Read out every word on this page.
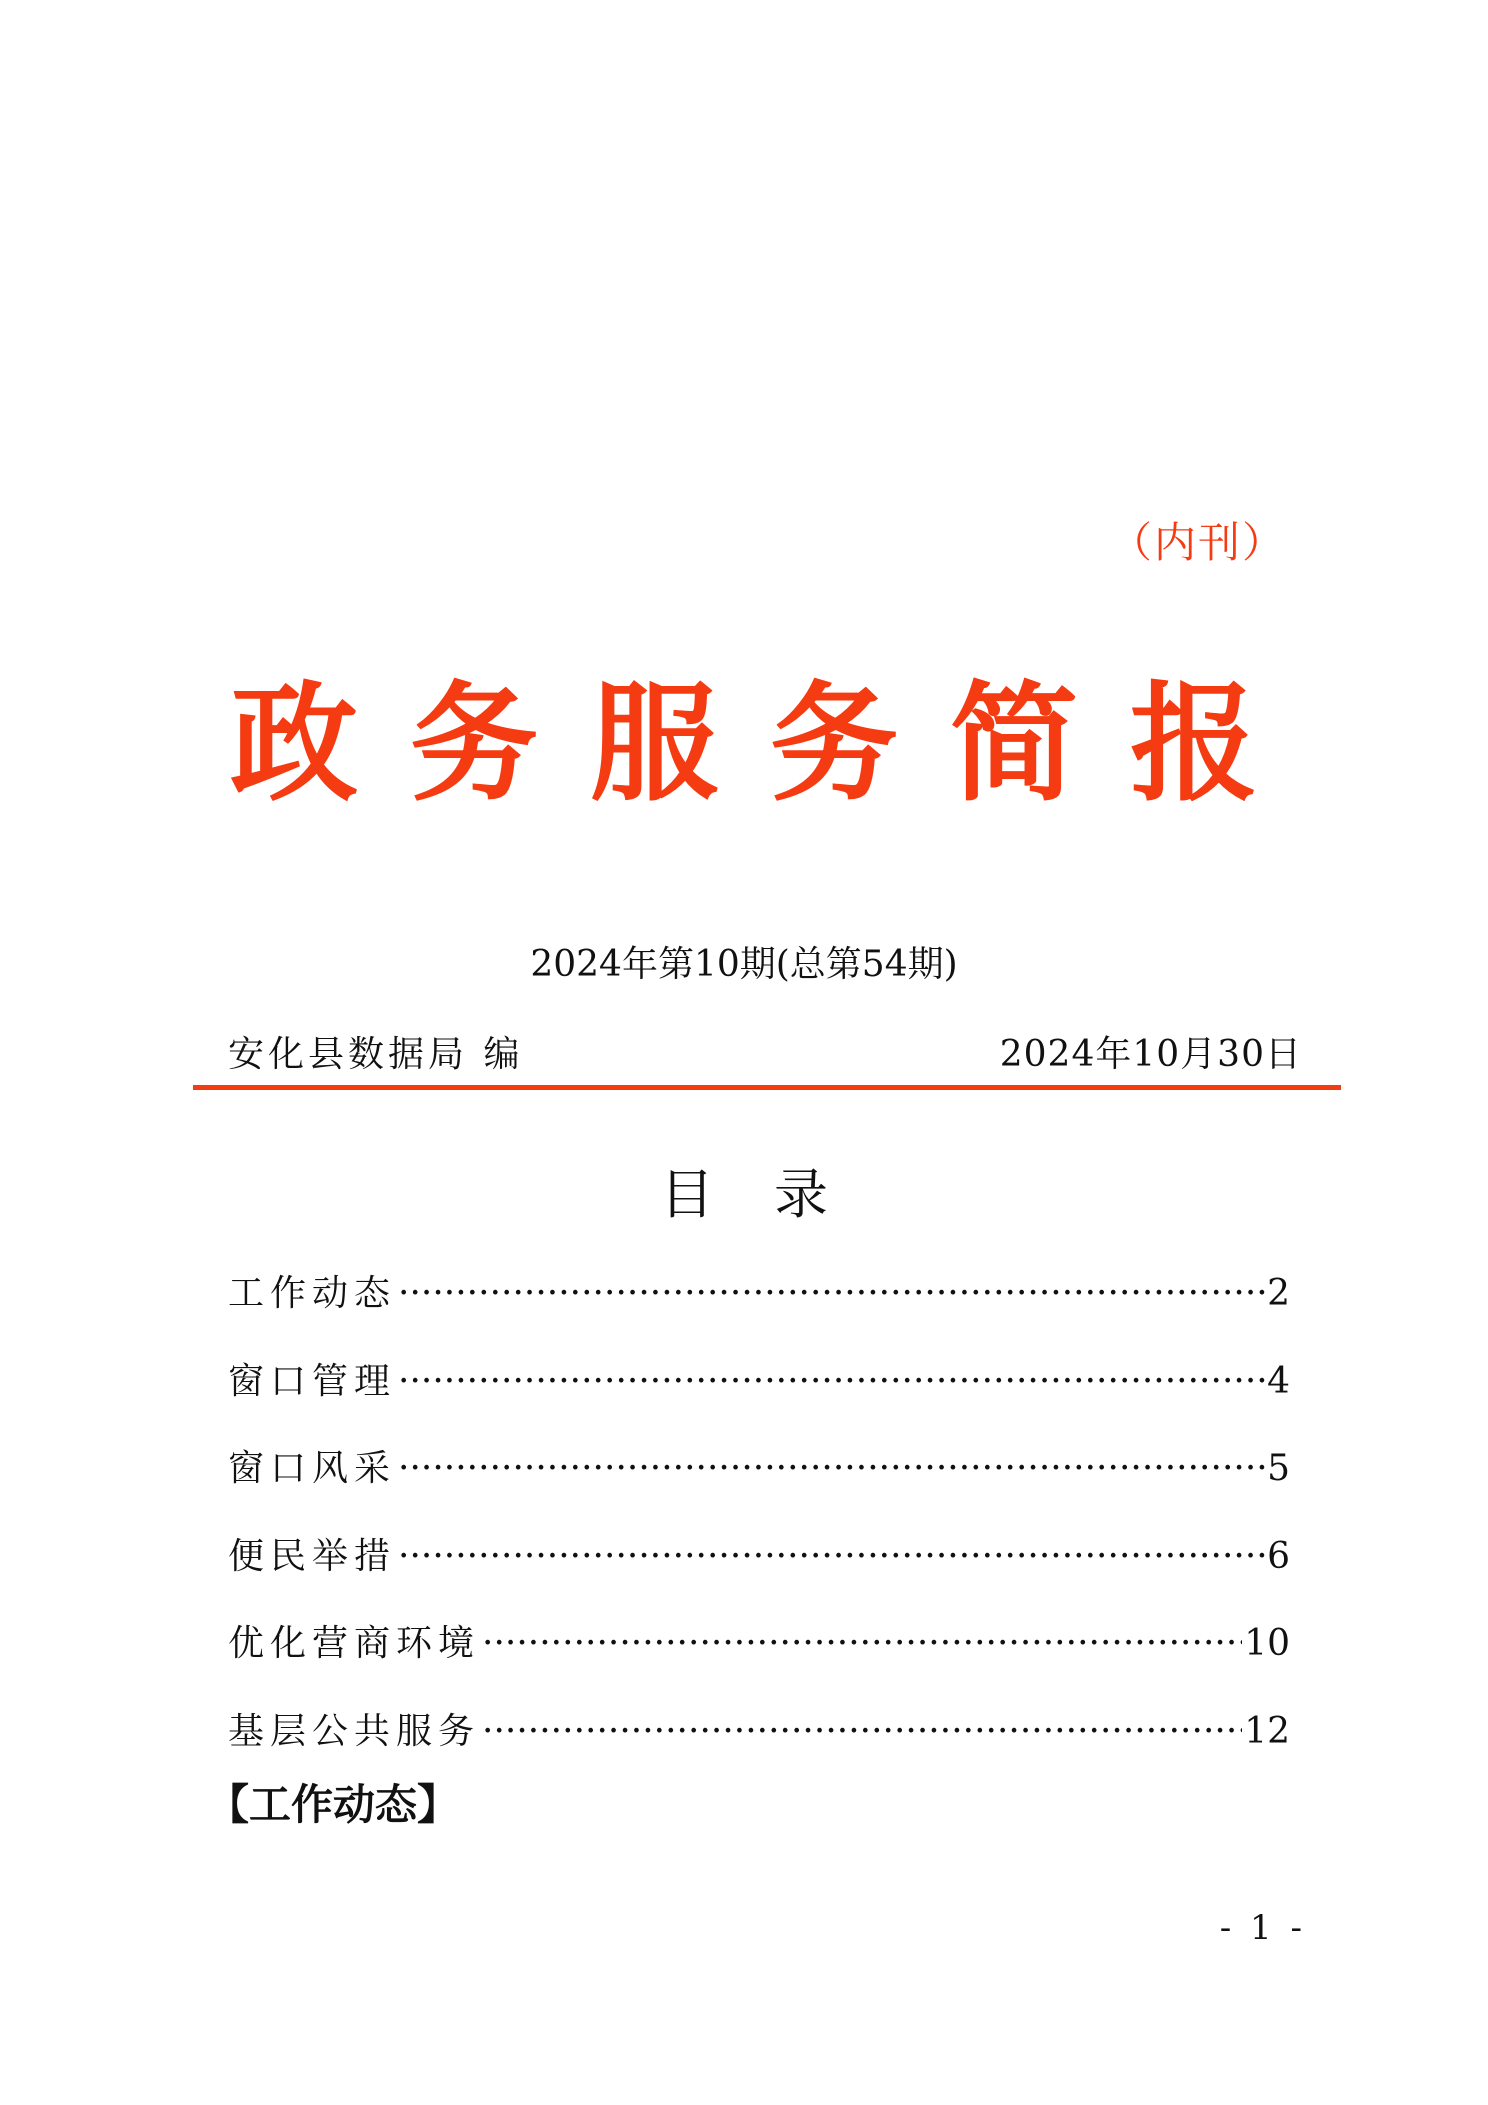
（内刊）
政务服务简报
2024年第10期(总第54期)
安化县数据局 编	2024年10月30日
目录
工作动态 ·····	2
窗口管理 ·····	4
窗口风采 ·····	5
便民举措 ·····	6
优化营商环境 ·····	10
基层公共服务 ·····	12
【工作动态】
- 1 -
